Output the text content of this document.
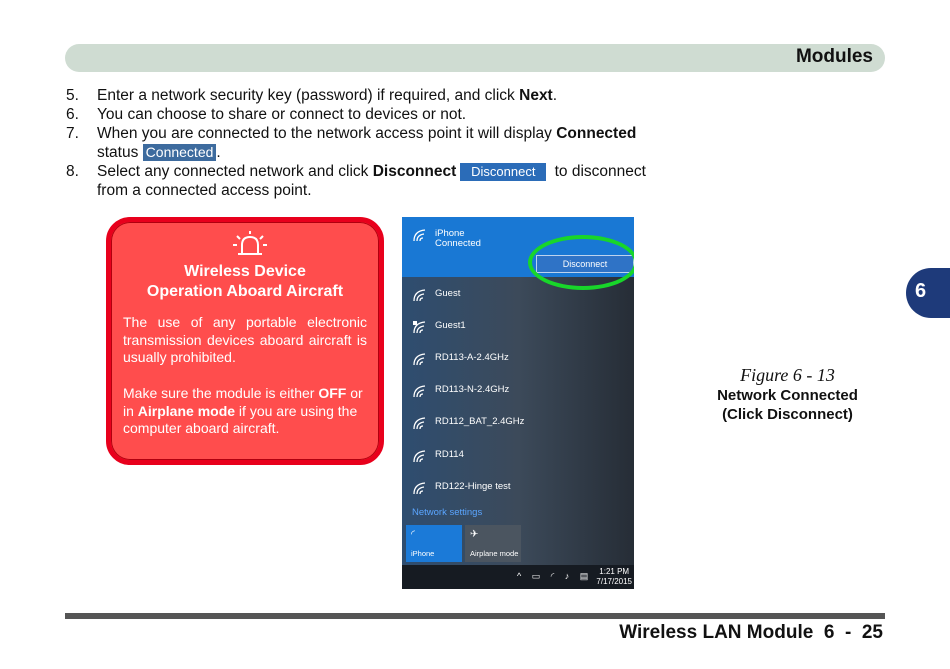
Modules
5.	Enter a network security key (password) if required, and click Next.
6.	You can choose to share or connect to devices or not.
7.	When you are connected to the network access point it will display Connected
status Connected .
8.	Select any connected network and click Disconnect Disconnect to disconnect
from a connected access point.
Wireless Device
Operation Aboard Aircraft
The use of any portable electronic transmission devices aboard aircraft is usually prohibited.
Make sure the module is either OFF or in Airplane mode if you are using the computer aboard aircraft.
iPhone
Connected
Disconnect
Guest
Guest1
RD113-A-2.4GHz
RD113-N-2.4GHz
RD112_BAT_2.4GHz
RD114
RD122-Hinge test
Network settings
◜
iPhone
✈
Airplane mode
^ ▭ ◜ ♪ ▤ 1:21 PM
7/17/2015
Figure 6 - 13
Network Connected
(Click Disconnect)
6
Wireless LAN Module  6  -  25
